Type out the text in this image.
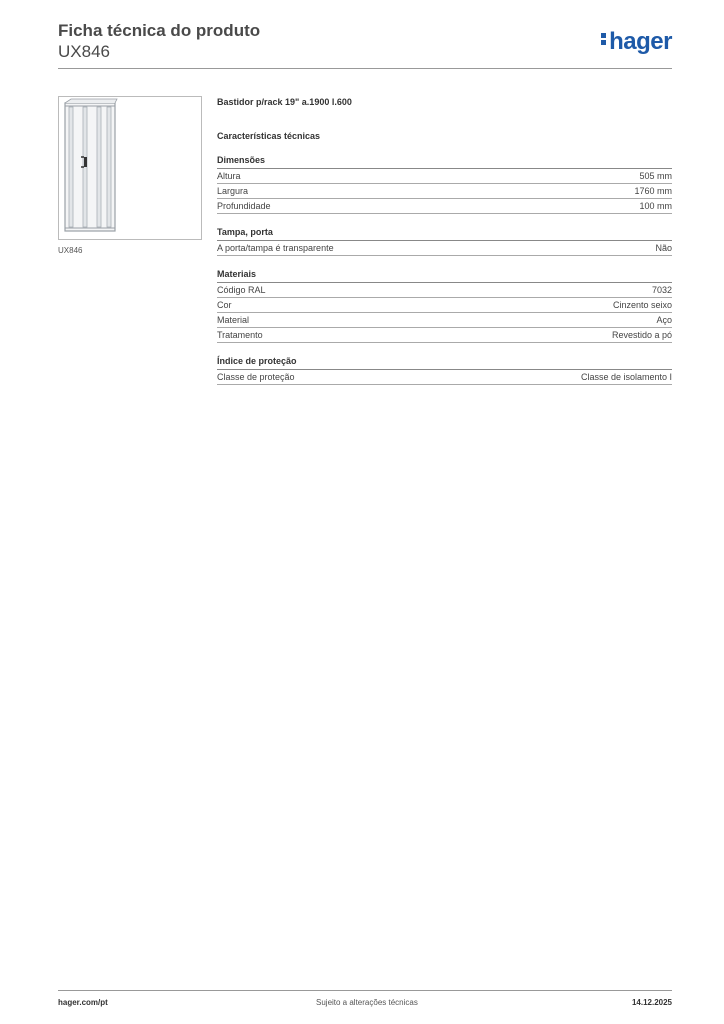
Ficha técnica do produto
UX846	hager
UX846
Bastidor p/rack 19" a.1900 l.600
Características técnicas
Dimensões
Altura	505 mm
Largura	1760 mm
Profundidade	100 mm
Tampa, porta
A porta/tampa é transparente	Não
Materiais
Código RAL	7032
Cor	Cinzento seixo
Material	Aço
Tratamento	Revestido a pó
Índice de proteção
Classe de proteção	Classe de isolamento I
hager.com/pt	Sujeito a alterações técnicas	14.12.2025
